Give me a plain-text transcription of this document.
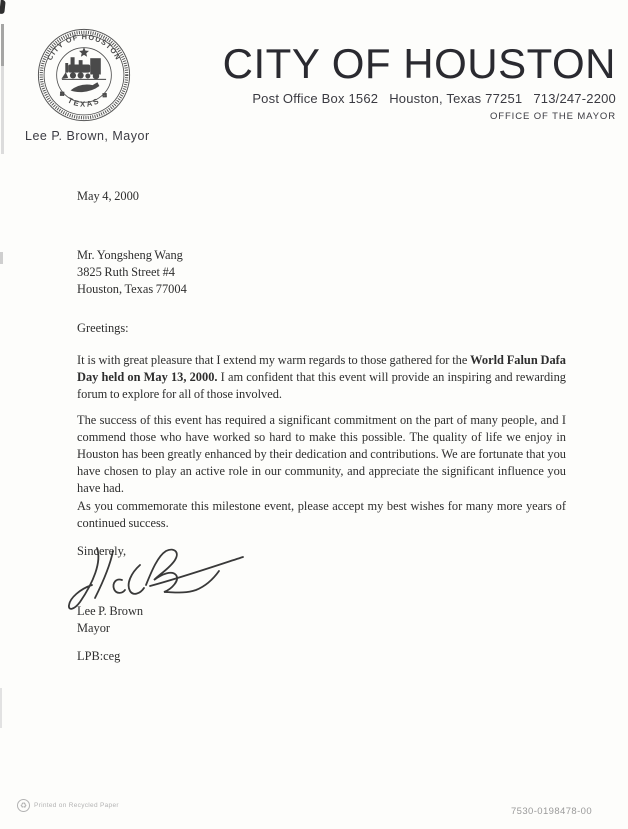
CITY OF HOUSTON
❖ TEXAS ❖
Lee P. Brown, Mayor
CITY OF HOUSTON
Post Office Box 1562 Houston, Texas 77251 713/247-2200
OFFICE OF THE MAYOR
May 4, 2000
Mr. Yongsheng Wang
3825 Ruth Street #4
Houston, Texas 77004
Greetings:

It is with great pleasure that I extend my warm regards to those gathered for the World Falun Dafa Day held on May 13, 2000. I am confident that this event will provide an inspiring and rewarding forum to explore for all of those involved.

The success of this event has required a significant commitment on the part of many people, and I commend those who have worked so hard to make this possible. The quality of life we enjoy in Houston has been greatly enhanced by their dedication and contributions. We are fortunate that you have chosen to play an active role in our community, and appreciate the significant influence you have had.

As you commemorate this milestone event, please accept my best wishes for many more years of continued success.

Sincerely,
Lee P. Brown
Mayor
LPB:ceg
♻	Printed on Recycled Paper
7530-0198478-00
